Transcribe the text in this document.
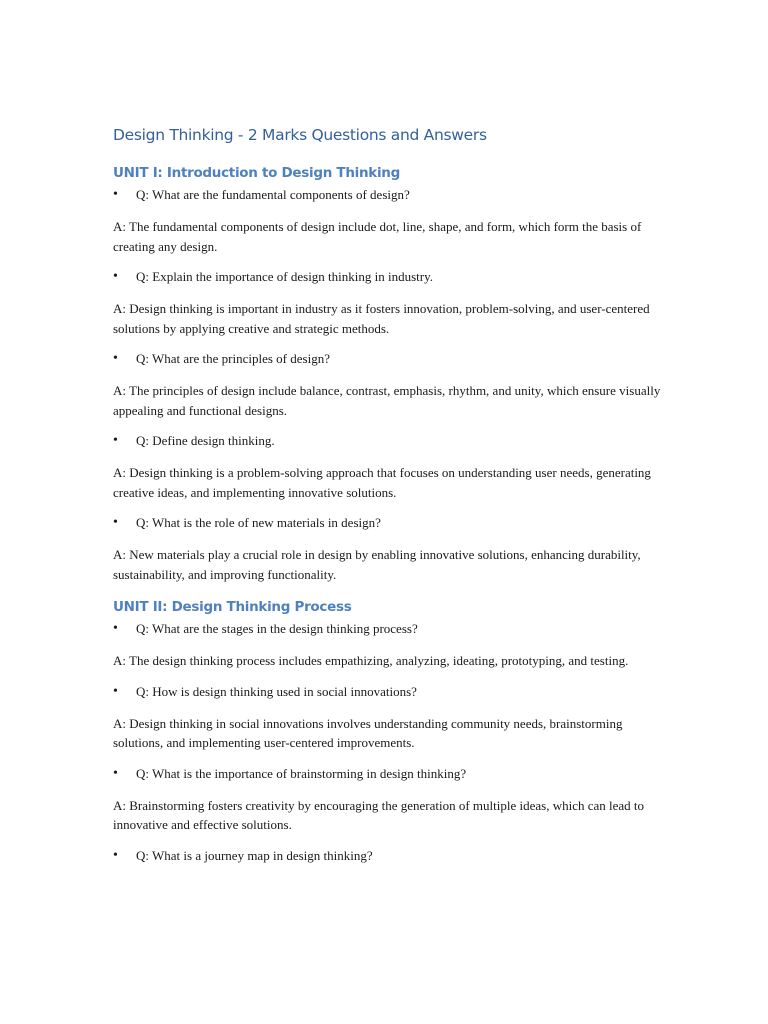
Design Thinking - 2 Marks Questions and Answers
UNIT I: Introduction to Design Thinking
• Q: What are the fundamental components of design?

A: The fundamental components of design include dot, line, shape, and form, which form the basis of creating any design.

• Q: Explain the importance of design thinking in industry.

A: Design thinking is important in industry as it fosters innovation, problem-solving, and user-centered solutions by applying creative and strategic methods.

• Q: What are the principles of design?

A: The principles of design include balance, contrast, emphasis, rhythm, and unity, which ensure visually appealing and functional designs.

• Q: Define design thinking.

A: Design thinking is a problem-solving approach that focuses on understanding user needs, generating creative ideas, and implementing innovative solutions.

• Q: What is the role of new materials in design?

A: New materials play a crucial role in design by enabling innovative solutions, enhancing durability, sustainability, and improving functionality.

UNIT II: Design Thinking Process
• Q: What are the stages in the design thinking process?

A: The design thinking process includes empathizing, analyzing, ideating, prototyping, and testing.

• Q: How is design thinking used in social innovations?

A: Design thinking in social innovations involves understanding community needs, brainstorming solutions, and implementing user-centered improvements.

• Q: What is the importance of brainstorming in design thinking?

A: Brainstorming fosters creativity by encouraging the generation of multiple ideas, which can lead to innovative and effective solutions.

• Q: What is a journey map in design thinking?
